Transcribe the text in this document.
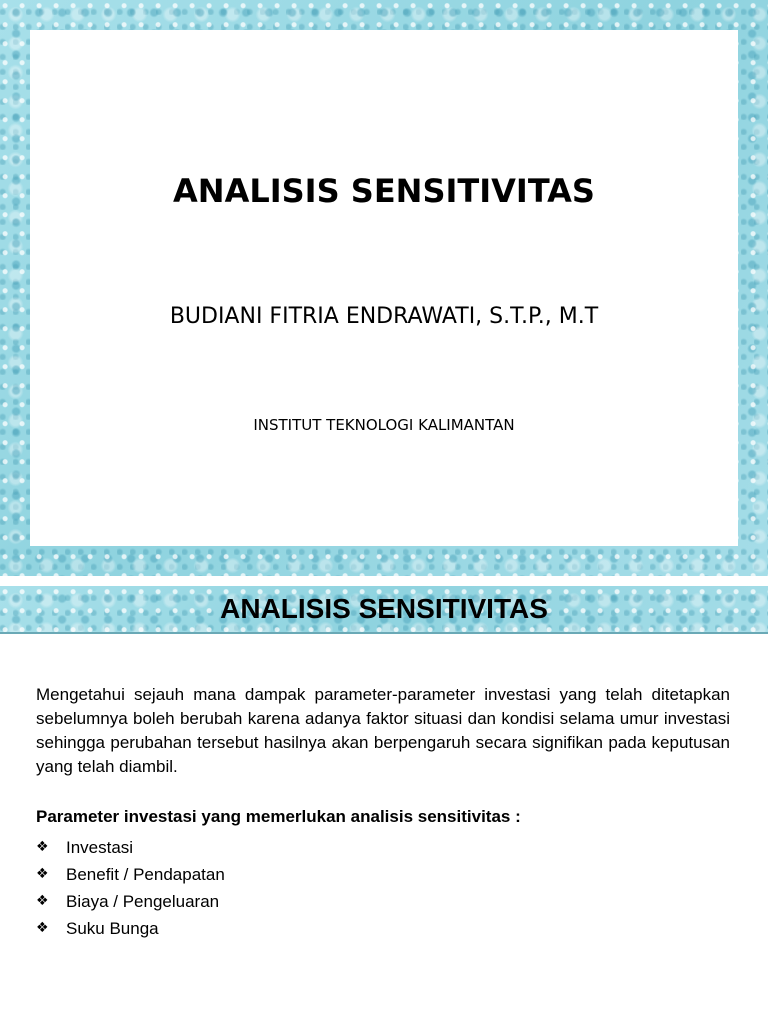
ANALISIS SENSITIVITAS
BUDIANI FITRIA ENDRAWATI, S.T.P., M.T
INSTITUT TEKNOLOGI KALIMANTAN
ANALISIS SENSITIVITAS

Mengetahui sejauh mana dampak parameter-parameter investasi yang telah ditetapkan sebelumnya boleh berubah karena adanya faktor situasi dan kondisi selama umur investasi sehingga perubahan tersebut hasilnya akan berpengaruh secara signifikan pada keputusan yang telah diambil.

Parameter investasi yang memerlukan analisis sensitivitas :

❖	Investasi
❖	Benefit / Pendapatan
❖	Biaya / Pengeluaran
❖	Suku Bunga
